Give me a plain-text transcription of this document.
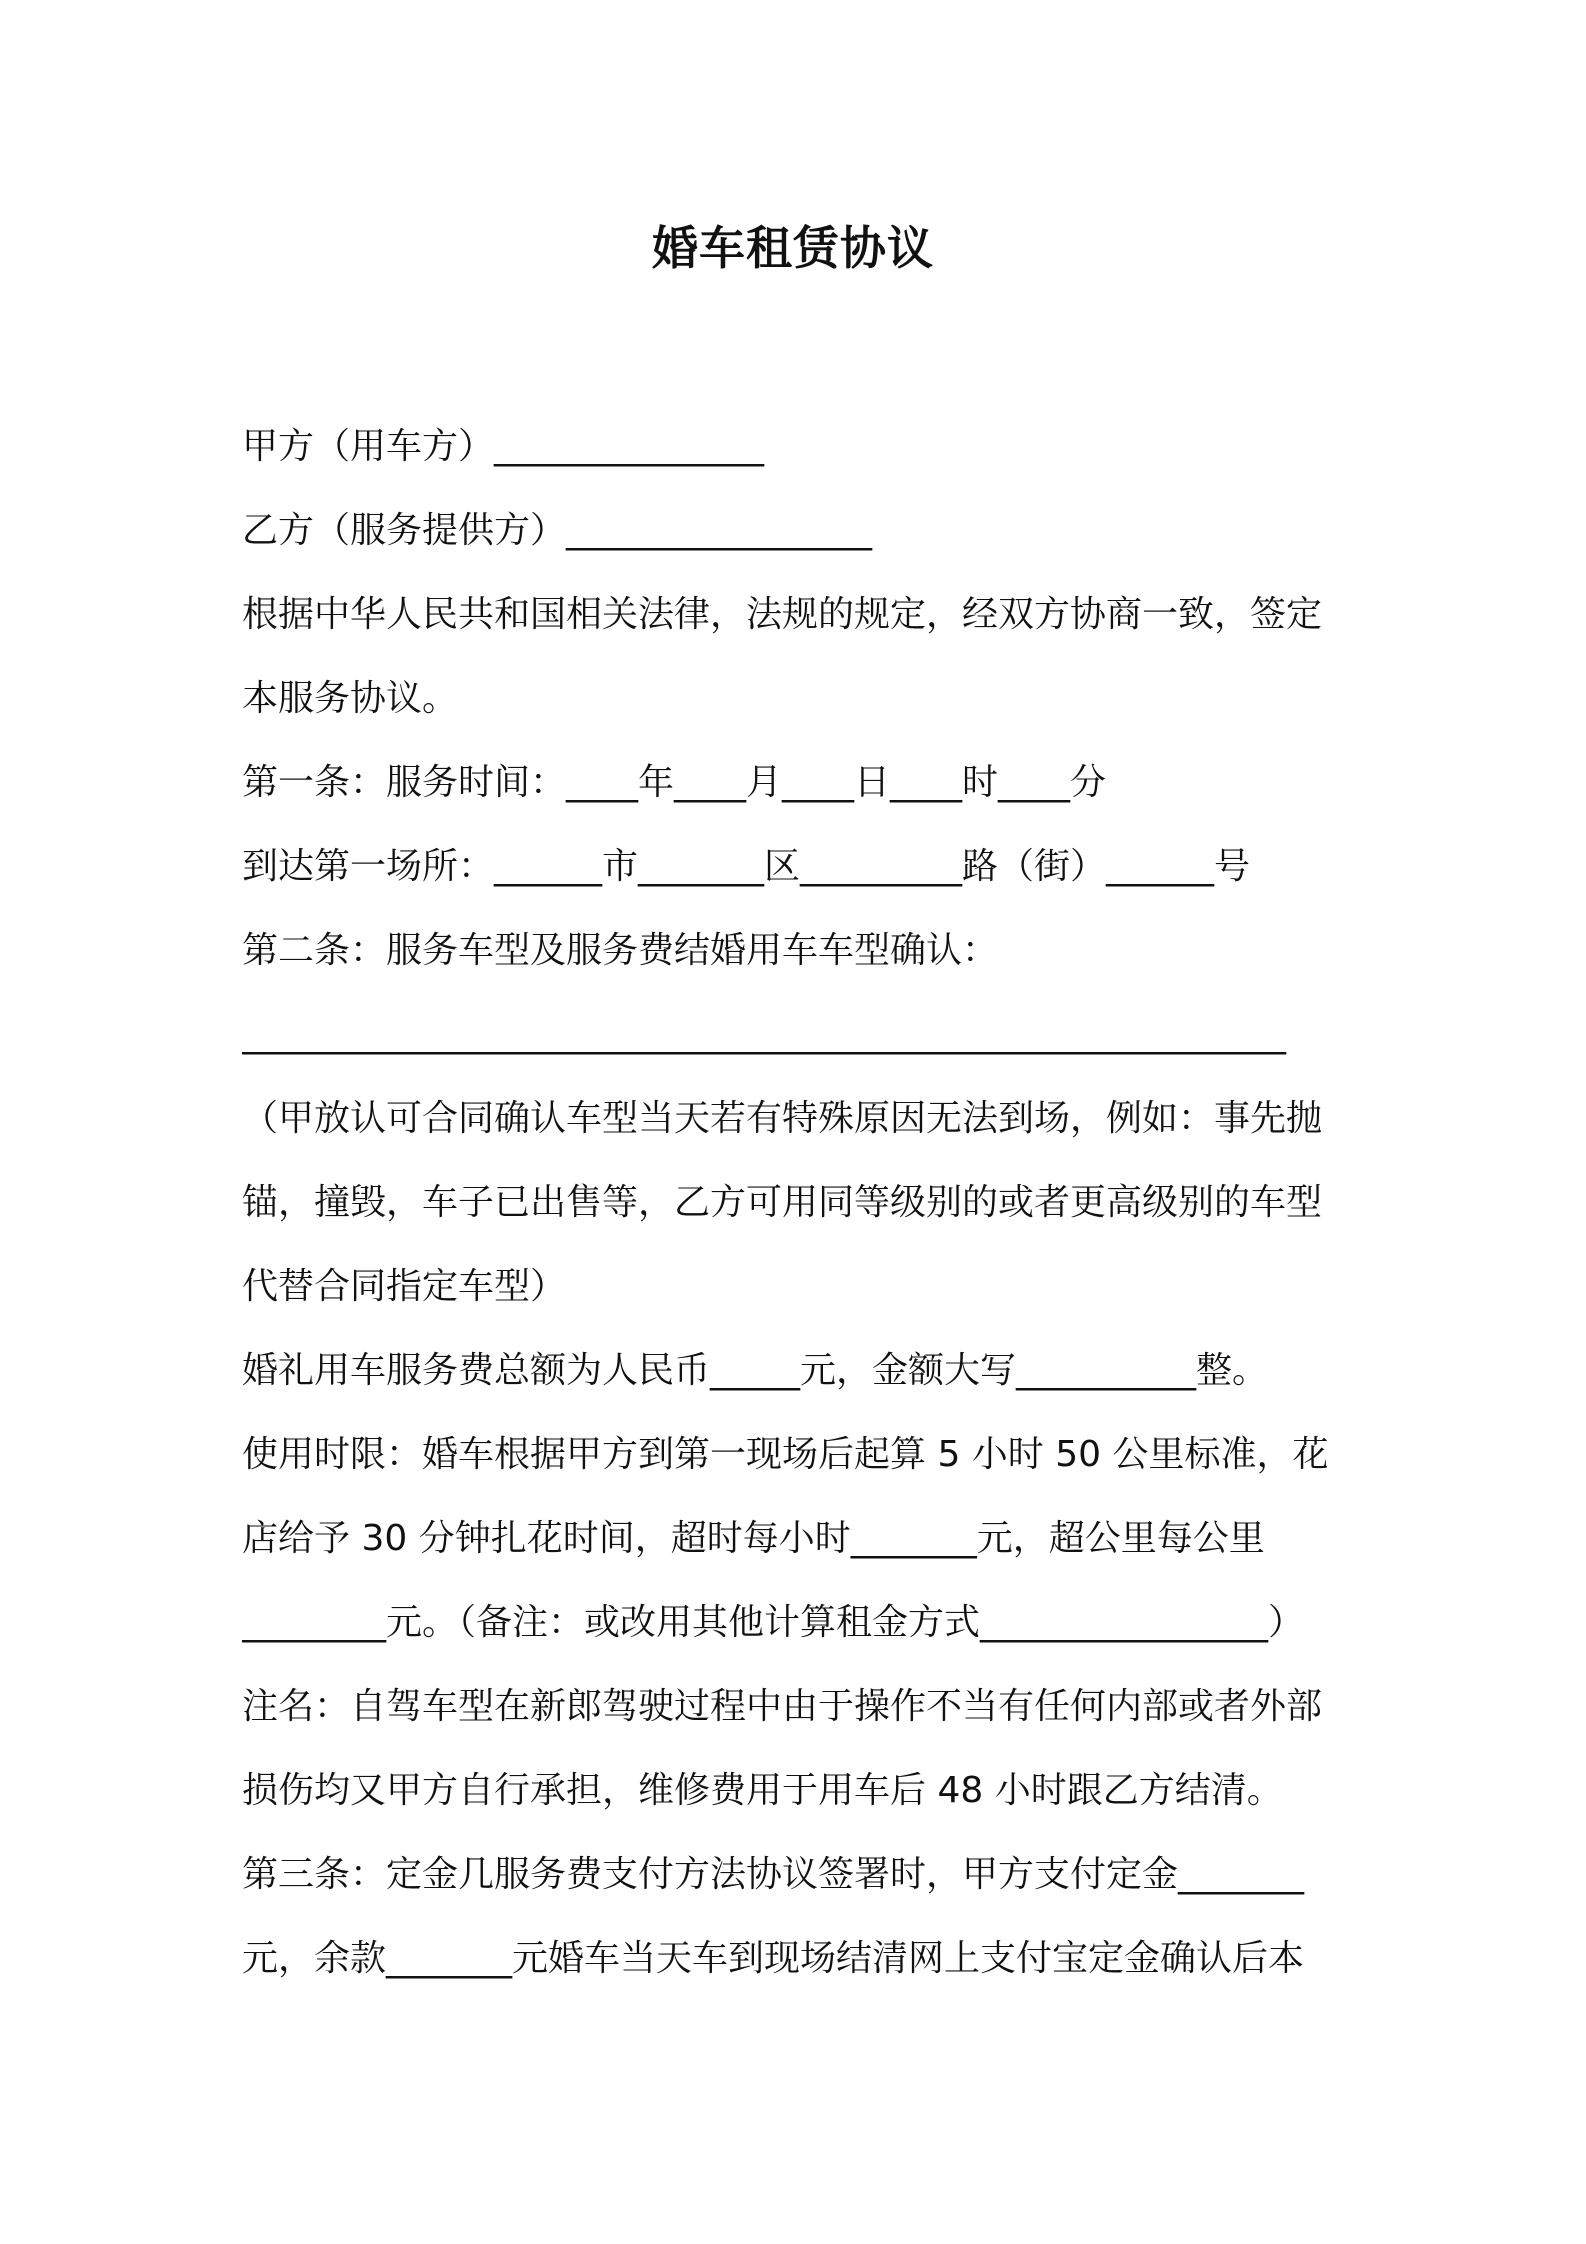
婚车租赁协议
甲方（用车方）_______________
乙方（服务提供方）_________________
根据中华人民共和国相关法律，法规的规定，经双方协商一致，签定
本服务协议。
第一条：服务时间：____年____月____日____时____分
到达第一场所：______市_______区_________路（街）______号
第二条：服务车型及服务费结婚用车车型确认：
__________________________________________________________
（甲放认可合同确认车型当天若有特殊原因无法到场，例如：事先抛
锚，撞毁，车子已出售等，乙方可用同等级别的或者更高级别的车型
代替合同指定车型）
婚礼用车服务费总额为人民币_____元，金额大写__________整。
使用时限：婚车根据甲方到第一现场后起算 5 小时 50 公里标准，花
店给予 30 分钟扎花时间，超时每小时_______元，超公里每公里
________元。（备注：或改用其他计算租金方式________________）
注名：自驾车型在新郎驾驶过程中由于操作不当有任何内部或者外部
损伤均又甲方自行承担，维修费用于用车后 48 小时跟乙方结清。
第三条：定金几服务费支付方法协议签署时，甲方支付定金_______
元，余款_______元婚车当天车到现场结清网上支付宝定金确认后本
